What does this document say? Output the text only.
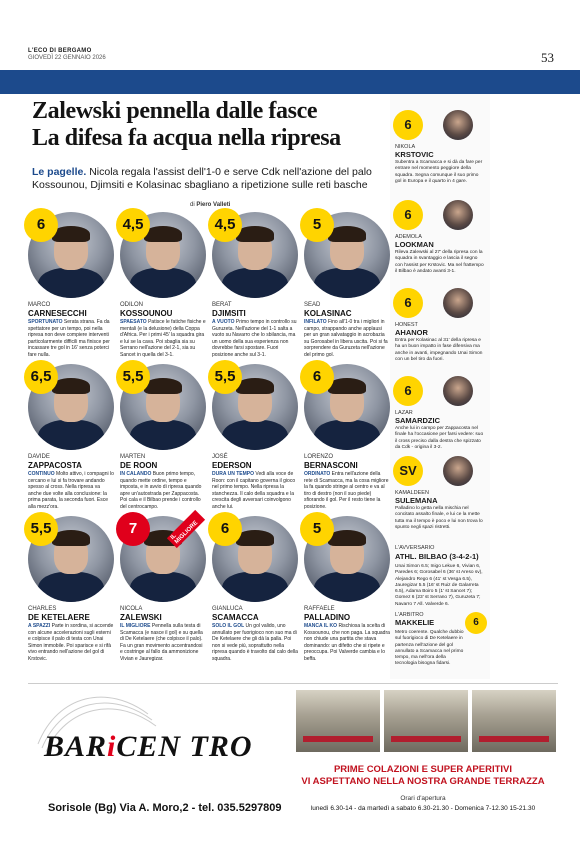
L'ECO DI BERGAMO
GIOVEDÌ 22 GENNAIO 2026	53
Zalewski pennella dalle fasce
La difesa fa acqua nella ripresa
Le pagelle. Nicola regala l'assist dell'1-0 e serve Cdk nell'azione del palo Kossounou, Djimsiti e Kolasinac sbagliano a ripetizione sulle reti basche
di Piero Valleti
6
MARCO
CARNESECCHI
SPORTUNATO Serata strana. Fa da spettatore per un tempo, poi nella ripresa non deve compiere interventi particolarmente difficili ma finisce per incassare tre gol in 16' senza poterci fare nulla.
4,5
ODILON
KOSSOUNOU
SPAESATO Patisce le fatiche fisiche e mentali (e la delusione) della Coppa d'Africa. Per i primi 45' la squadra gira e lui se la cava. Poi sbaglia sia su Serrano nell'azione del 2-1, sia su Sancet in quella del 3-1.
4,5
BERAT
DJIMSITI
A VUOTO Primo tempo in controllo su Guruzeta. Nell'azione del 1-1 salta a vuoto su Navarro che lo sbilancia, ma un uomo della sua esperienza non dovrebbe farsi spostare. Fuori posizione anche sul 3-1.
5
SEAD
KOLASINAC
INFILATO Fino all'1-0 tra i migliori in campo, strappando anche applausi per un gran salvataggio in acrobazia su Gorosabel in libera uscita. Poi si fa sorprendere da Guruzeta nell'azione del primo gol.
6,5
DAVIDE
ZAPPACOSTA
CONTINUO Molto attivo, i compagni lo cercano e lui si fa trovare andando spesso al cross. Nella ripresa va anche due volte alla conclusione: la prima parata, la seconda fuori. Esce alla mezz'ora.
5,5
MARTEN
DE ROON
IN CALANDO Buon primo tempo, quando mette ordine, tempo e imposta, e in avvio di ripresa quando apre un'autostrada per Zappacosta. Poi cala e il Bilbao prende i controllo del centrocampo.
5,5
JOSÉ
EDERSON
DURA UN TEMPO Vedi alla voce de Roon: con il capitano governa il gioco nel primo tempo. Nella ripresa la stanchezza. Il calo della squadra e la crescita degli avversari coinvolgono anche lui.
6
LORENZO
BERNASCONI
ORDINATO Entra nell'azione della rete di Scamacca, ma la cosa migliore la fa quando stringe al centro e va al tiro di destro (non il suo piede) sfiorando il gol. Per il resto tiene la posizione.
5,5
CHARLES
DE KETELAERE
A SPAZZI Parte in sordina, si accende con alcune accelerazioni sugli esterni e colpisce il palo di testa con Unai Simon immobile. Poi sparisce e si rifà vivo entrando nell'azione del gol di Krstovic.
7
IL MIGLIORE
NICOLA
ZALEWSKI
IL MIGLIORE Pennella sulla testa di Scamacca (e nasce il gol) e su quella di De Ketelaere (che colpisce il palo). Fa un gran movimento accentrandosi e costringe al fallo da ammonizione Vivian e Jauregizar.
6
GIANLUCA
SCAMACCA
SOLO IL GOL Un gol valido, uno annullato per fuorigioco non suo ma di De Ketelaere che gli dà la palla. Poi non si vede più, soprattutto nella ripresa quando è travolto dal calo della squadra.
5
RAFFAELE
PALLADINO
MANCA IL KO Rischiosa la scelta di Kossounou, che non paga. La squadra non chiude una partita che stava dominando: un difetto che si ripete e preoccupa. Poi Valverde cambia e lo beffa.
6
NIKOLA
KRSTOVIC
Subentra a Scamacca e si dà da fare per entrare nel momento peggiore della squadra. Segna comunque il suo primo gol in Europa e il quarto in 4 gare.
6
ADEMOLA
LOOKMAN
Rileva Zalewski al 27' della ripresa con la squadra in svantaggio e lascia il segno con l'assist per Krstovic. Ma nel frattempo il Bilbao è andato avanti 3-1.
6
HONEST
AHANOR
Entra per Kolasinac al 31' della ripresa e ha un buon impatto in fase difensiva ma anche in avanti, impegnando Unai Simon con un bel tiro da fuori.
6
LAZAR
SAMARDZIC
Anche lui in campo per Zappacosta nel finale ha l'occasione per farsi vedere: suo il cross preciso dalla destra che spizzato da Cdk - origina il 3-2.
SV
KAMALDEEN
SULEMANA
Palladino lo getta nella mischia nel concitato assalto finale, e lui ce la mette tutta ma il tempo è poco e lui non trova lo spunto negli spazi ristretti.
L'AVVERSARIO
ATHL. BILBAO (3-4-2-1)
Unai Simon 6.5; Inigo Lekue 6, Vivian 6, Paredes 6; Gorosabel 6 (36' st Areso sv), Alejandro Rego 6 (41' st Vesga 6.5), Jauregizar 5.5 (16' st Ruiz de Galarreta 6.5), Adama Boiro 5 (1' st Sancet 7); Gomez 6 (23' st Serrano 7), Guruzeta 7; Navarro 7 All. Valverde 6.
6
L'ARBITRO
MAKKELIE
Metro coerente. Qualche dubbio sul fuorigioco di De Ketelaere in partenza nell'azione del gol annullato a Scamacca nel primo tempo, ma nell'ora della tecnologia bisogna fidarsi.
BARiCEN TRO
Sorisole (Bg) Via A. Moro,2 - tel. 035.5297809
PRIME COLAZIONI E SUPER APERITIVI
VI ASPETTANO NELLA NOSTRA GRANDE TERRAZZA
Orari d'apertura
lunedì 6.30-14 - da martedì a sabato 6.30-21.30 - Domenica 7-12.30 15-21.30
